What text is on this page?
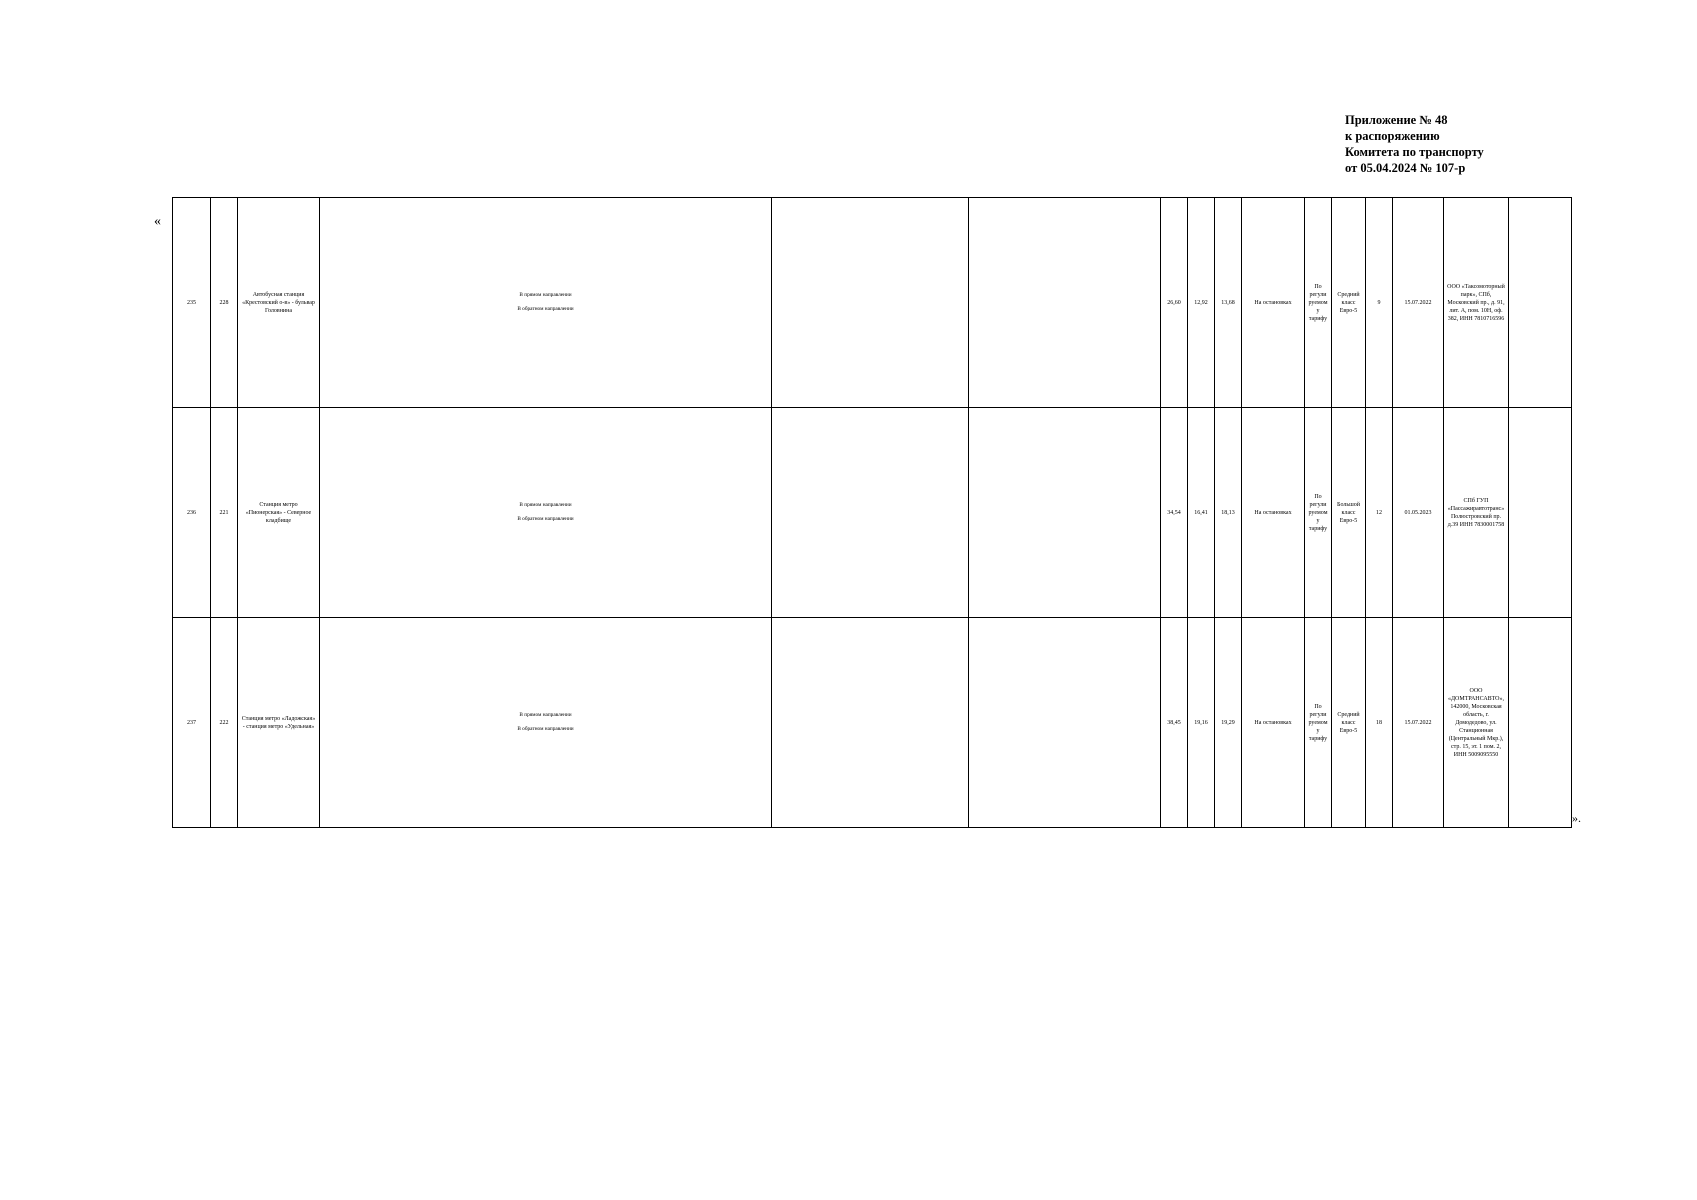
Приложение № 48
к распоряжению
Комитета по транспорту
от 05.04.2024 № 107-р
«
235	228	Автобусная станция «Крестовский о-в» - бульвар Головнина	В прямом направлении

В обратном направлении			26,60	12,92	13,68	На остановках	По регулируемому тарифу	Средний класс Евро-5	9	15.07.2022	ООО «Таксомоторный парк», СПб, Московский пр., д. 91, лит. А, пом. 10Н, оф. 382, ИНН 7810716596	
236	221	Станция метро «Пионерская» - Северное кладбище	В прямом направлении

В обратном направлении			34,54	16,41	18,13	На остановках	По регулируемому тарифу	Большой класс Евро-5	12	01.05.2023	СПб ГУП «Пассажиравтотранс» Полюстровский пр. д.39 ИНН 7830001758	
237	222	Станция метро «Ладожская» - станция метро «Удельная»	В прямом направлении

В обратном направлении			38,45	19,16	19,29	На остановках	По регулируемому тарифу	Средний класс Евро-5	18	15.07.2022	ООО «ДОМТРАНСАВТО», 142000, Московская область, г. Домодедово, ул. Станционная (Центральный Мкр.), стр. 15, эт. 1 пом. 2, ИНН 5009095550	
».
